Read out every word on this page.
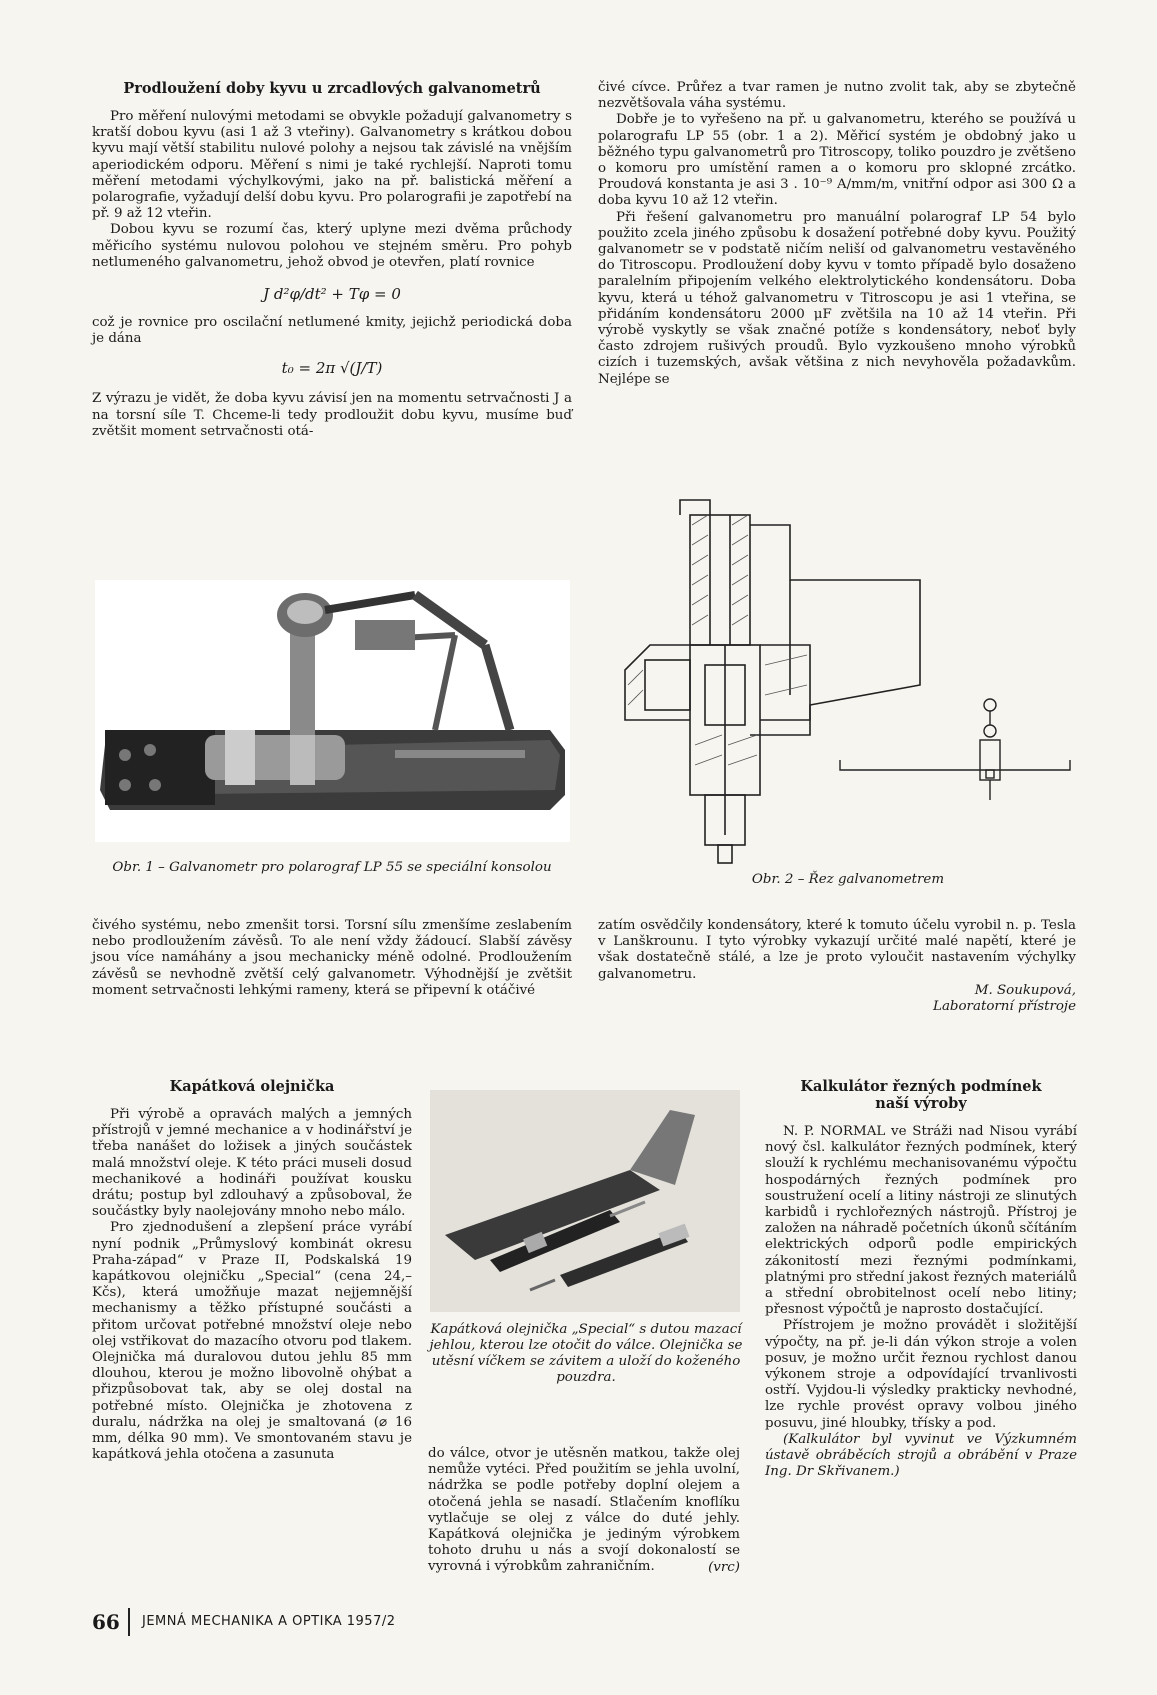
Prodloužení doby kyvu u zrcadlových galvanometrů

Pro měření nulovými metodami se obvykle požadují galvanometry s kratší dobou kyvu (asi 1 až 3 vteřiny). Galvanometry s krátkou dobou kyvu mají větší stabilitu nulové polohy a nejsou tak závislé na vnějším aperiodickém odporu. Měření s nimi je také rychlejší. Naproti tomu měření metodami výchylkovými, jako na př. balistická měření a polarografie, vyžadují delší dobu kyvu. Pro polarografii je zapotřebí na př. 9 až 12 vteřin.

Dobou kyvu se rozumí čas, který uplyne mezi dvěma průchody měřicího systému nulovou polohou ve stejném směru. Pro pohyb netlumeného galvanometru, jehož obvod je otevřen, platí rovnice

J d²φ/dt² + Tφ = 0

což je rovnice pro oscilační netlumené kmity, jejichž periodická doba je dána

t₀ = 2π √(J/T)

Z výrazu je vidět, že doba kyvu závisí jen na momentu setrvačnosti J a na torsní síle T. Chceme-li tedy prodloužit dobu kyvu, musíme buď zvětšit moment setrvačnosti otá-

čivé cívce. Průřez a tvar ramen je nutno zvolit tak, aby se zbytečně nezvětšovala váha systému.

Dobře je to vyřešeno na př. u galvanometru, kterého se používá u polarografu LP 55 (obr. 1 a 2). Měřicí systém je obdobný jako u běžného typu galvanometrů pro Titroscopy, toliko pouzdro je zvětšeno o komoru pro umístění ramen a o komoru pro sklopné zrcátko. Proudová konstanta je asi 3 . 10⁻⁹ A/mm/m, vnitřní odpor asi 300 Ω a doba kyvu 10 až 12 vteřin.

Při řešení galvanometru pro manuální polarograf LP 54 bylo použito zcela jiného způsobu k dosažení potřebné doby kyvu. Použitý galvanometr se v podstatě ničím neliší od galvanometru vestavěného do Titroscopu. Prodloužení doby kyvu v tomto případě bylo dosaženo paralelním připojením velkého elektrolytického kondensátoru. Doba kyvu, která u téhož galvanometru v Titroscopu je asi 1 vteřina, se přidáním kondensátoru 2000 μF zvětšila na 10 až 14 vteřin. Při výrobě vyskytly se však značné potíže s kondensátory, neboť byly často zdrojem rušivých proudů. Bylo vyzkoušeno mnoho výrobků cizích i tuzemských, avšak většina z nich nevyhověla požadavkům. Nejlépe se

Obr. 1 – Galvanometr pro polarograf LP 55 se speciální konsolou
Obr. 2 – Řez galvanometrem

čivého systému, nebo zmenšit torsi. Torsní sílu zmenšíme zeslabením nebo prodloužením závěsů. To ale není vždy žádoucí. Slabší závěsy jsou více namáhány a jsou mechanicky méně odolné. Prodloužením závěsů se nevhodně zvětší celý galvanometr. Výhodnější je zvětšit moment setrvačnosti lehkými rameny, která se připevní k otáčivé

zatím osvědčily kondensátory, které k tomuto účelu vyrobil n. p. Tesla v Lanškrounu. I tyto výrobky vykazují určité malé napětí, které je však dostatečně stálé, a lze je proto vyloučit nastavením výchylky galvanometru.

M. Soukupová,
Laboratorní přístroje

Kapátková olejnička

Při výrobě a opravách malých a jemných přístrojů v jemné mechanice a v hodinářství je třeba nanášet do ložisek a jiných součástek malá množství oleje. K této práci museli dosud mechanikové a hodináři používat kousku drátu; postup byl zdlouhavý a způsoboval, že součástky byly naolejovány mnoho nebo málo.

Pro zjednodušení a zlepšení práce vyrábí nyní podnik „Průmyslový kombinát okresu Praha-západ“ v Praze II, Podskalská 19 kapátkovou olejničku „Special“ (cena 24,– Kčs), která umožňuje mazat nejjemnější mechanismy a těžko přístupné součásti a přitom určovat potřebné množství oleje nebo olej vstřikovat do mazacího otvoru pod tlakem. Olejnička má duralovou dutou jehlu 85 mm dlouhou, kterou je možno libovolně ohýbat a přizpůsobovat tak, aby se olej dostal na potřebné místo. Olejnička je zhotovena z duralu, nádržka na olej je smaltovaná (⌀ 16 mm, délka 90 mm). Ve smontovaném stavu je kapátková jehla otočena a zasunuta

Kapátková olejnička „Special“ s dutou mazací jehlou, kterou lze otočit do válce. Olejnička se utěsní víčkem se závitem a uloží do koženého pouzdra.

do válce, otvor je utěsněn matkou, takže olej nemůže vytéci. Před použitím se jehla uvolní, nádržka se podle potřeby doplní olejem a otočená jehla se nasadí. Stlačením knoflíku vytlačuje se olej z válce do duté jehly. Kapátková olejnička je jediným výrobkem tohoto druhu u nás a svojí dokonalostí se vyrovná i výrobkům zahraničním.	(vrc)

Kalkulátor řezných podmínek naší výroby

N. P. NORMAL ve Stráži nad Nisou vyrábí nový čsl. kalkulátor řezných podmínek, který slouží k rychlému mechanisovanému výpočtu hospodárných řezných podmínek pro soustružení ocelí a litiny nástroji ze slinutých karbidů i rychlořezných nástrojů. Přístroj je založen na náhradě početních úkonů sčítáním elektrických odporů podle empirických zákonitostí mezi řeznými podmínkami, platnými pro střední jakost řezných materiálů a střední obrobitelnost ocelí nebo litiny; přesnost výpočtů je naprosto dostačující.

Přístrojem je možno provádět i složitější výpočty, na př. je-li dán výkon stroje a volen posuv, je možno určit řeznou rychlost danou výkonem stroje a odpovídající trvanlivosti ostří. Vyjdou-li výsledky prakticky nevhodné, lze rychle provést opravy volbou jiného posuvu, jiné hloubky, třísky a pod.

(Kalkulátor byl vyvinut ve Výzkumném ústavě obráběcích strojů a obrábění v Praze Ing. Dr Skřivanem.)

66 JEMNÁ MECHANIKA A OPTIKA 1957/2
